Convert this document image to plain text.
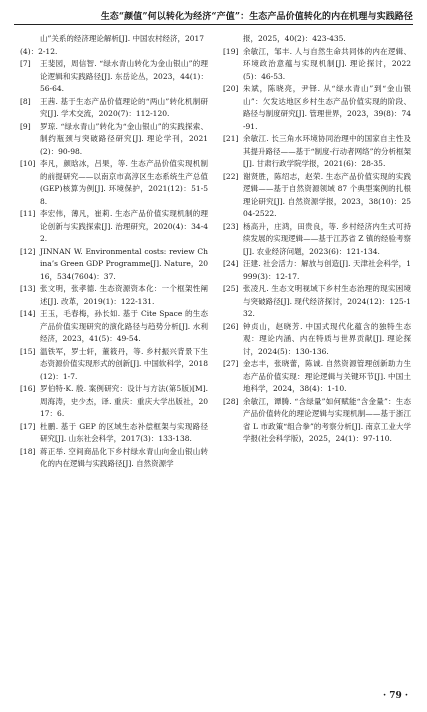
生态“颜值”何以转化为经济“产值”：生态产品价值转化的内在机理与实践路径
山”关系的经济理论解析[J]. 中国农村经济，2017(4)：2-12.
[7]	王斐园，周信智. “绿水青山转化为金山银山”的理论逻辑和实践路径[J]. 东岳论丛，2023，44(1)：56-64.
[8]	王茜. 基于生态产品价值理论的“两山”转化机制研究[J]. 学术交流，2020(7)：112-120.
[9]	罗琼. “绿水青山”转化为“金山银山”的实践探索、制约瓶颈与突破路径研究[J]. 理论学刊，2021(2)：90-98.
[10] 李凡，颜晗冰，吕果，等. 生态产品价值实现机制的前提研究——以南京市高淳区生态系统生产总值(GEP)核算为例[J]. 环境保护，2021(12)：51-58.
[11] 李宏伟，薄凡，崔莉. 生态产品价值实现机制的理论创新与实践探索[J]. 治理研究，2020(4)：34-42.
[12] JINNAN W. Environmental costs: review China’s Green GDP Programme[J]. Nature，2016，534(7604)：37.
[13] 张文明，张孝德. 生态资源资本化：一个框架性阐述[J]. 改革，2019(1)：122-131.
[14] 王玉，毛春梅，孙长如. 基于 Cite Space 的生态产品价值实现研究的演化路径与趋势分析[J]. 水利经济，2023，41(5)：49-54.
[15] 温铁军，罗士轩，董筱丹，等. 乡村振兴背景下生态资源价值实现形式的创新[J]. 中国软科学，2018(12)：1-7.
[16] 罗伯特·K. 殷. 案例研究：设计与方法(第5版)[M]. 周海涛，史少杰，译. 重庆：重庆大学出版社，2017：6.
[17] 杜鹏. 基于 GEP 的区域生态补偿框架与实现路径研究[J]. 山东社会科学，2017(3)：133-138.
[18] 蒋正举. 空间商品化下乡村绿水青山向金山银山转化的内在逻辑与实践路径[J]. 自然资源学
报，2025，40(2)：423-435.
[19] 余敏江，邹丰. 人与自然生命共同体的内在逻辑、环境政治意蕴与实现机制[J]. 理论探讨，2022(5)：46-53.
[20] 朱斌，陈晓亮，尹铎. 从“绿水青山”到“金山银山”：欠发达地区乡村生态产品价值实现的阶段、路径与制度研究[J]. 管理世界，2023，39(8)：74-91.
[21] 余敏江. 长三角水环境协同治理中的国家自主性及其提升路径——基于“制度-行动者网络”的分析框架[J]. 甘肃行政学院学报，2021(6)：28-35.
[22] 谢贤胜，陈绍志，赵荣. 生态产品价值实现的实践逻辑——基于自然资源领域 87 个典型案例的扎根理论研究[J]. 自然资源学报，2023，38(10)：2504-2522.
[23] 杨高升，庄鸿，田贵良，等. 乡村经济内生式可持续发展的实现逻辑——基于江苏省 Z 镇的经验考察[J]. 农业经济问题，2023(6)：121-134.
[24] 汪建. 社会活力：解放与创造[J]. 天津社会科学，1999(3)：12-17.
[25] 张凌凡. 生态文明视域下乡村生态治理的现实困境与突破路径[J]. 现代经济探讨，2024(12)：125-132.
[26] 钟贞山，赵晓芳. 中国式现代化蕴含的独特生态观：理论内涵、内在特质与世界贡献[J]. 理论探讨，2024(5)：130-136.
[27] 金志丰，张晓蕾，陈诚. 自然资源管理创新助力生态产品价值实现：理论逻辑与关键环节[J]. 中国土地科学，2024，38(4)：1-10.
[28] 余敏江，谭腾. “含绿量”如何赋能“含金量”：生态产品价值转化的理论逻辑与实现机制——基于浙江省 L 市政策“组合拳”的考察分析[J]. 南京工业大学学报(社会科学版)，2025，24(1)：97-110.
· 79 ·
